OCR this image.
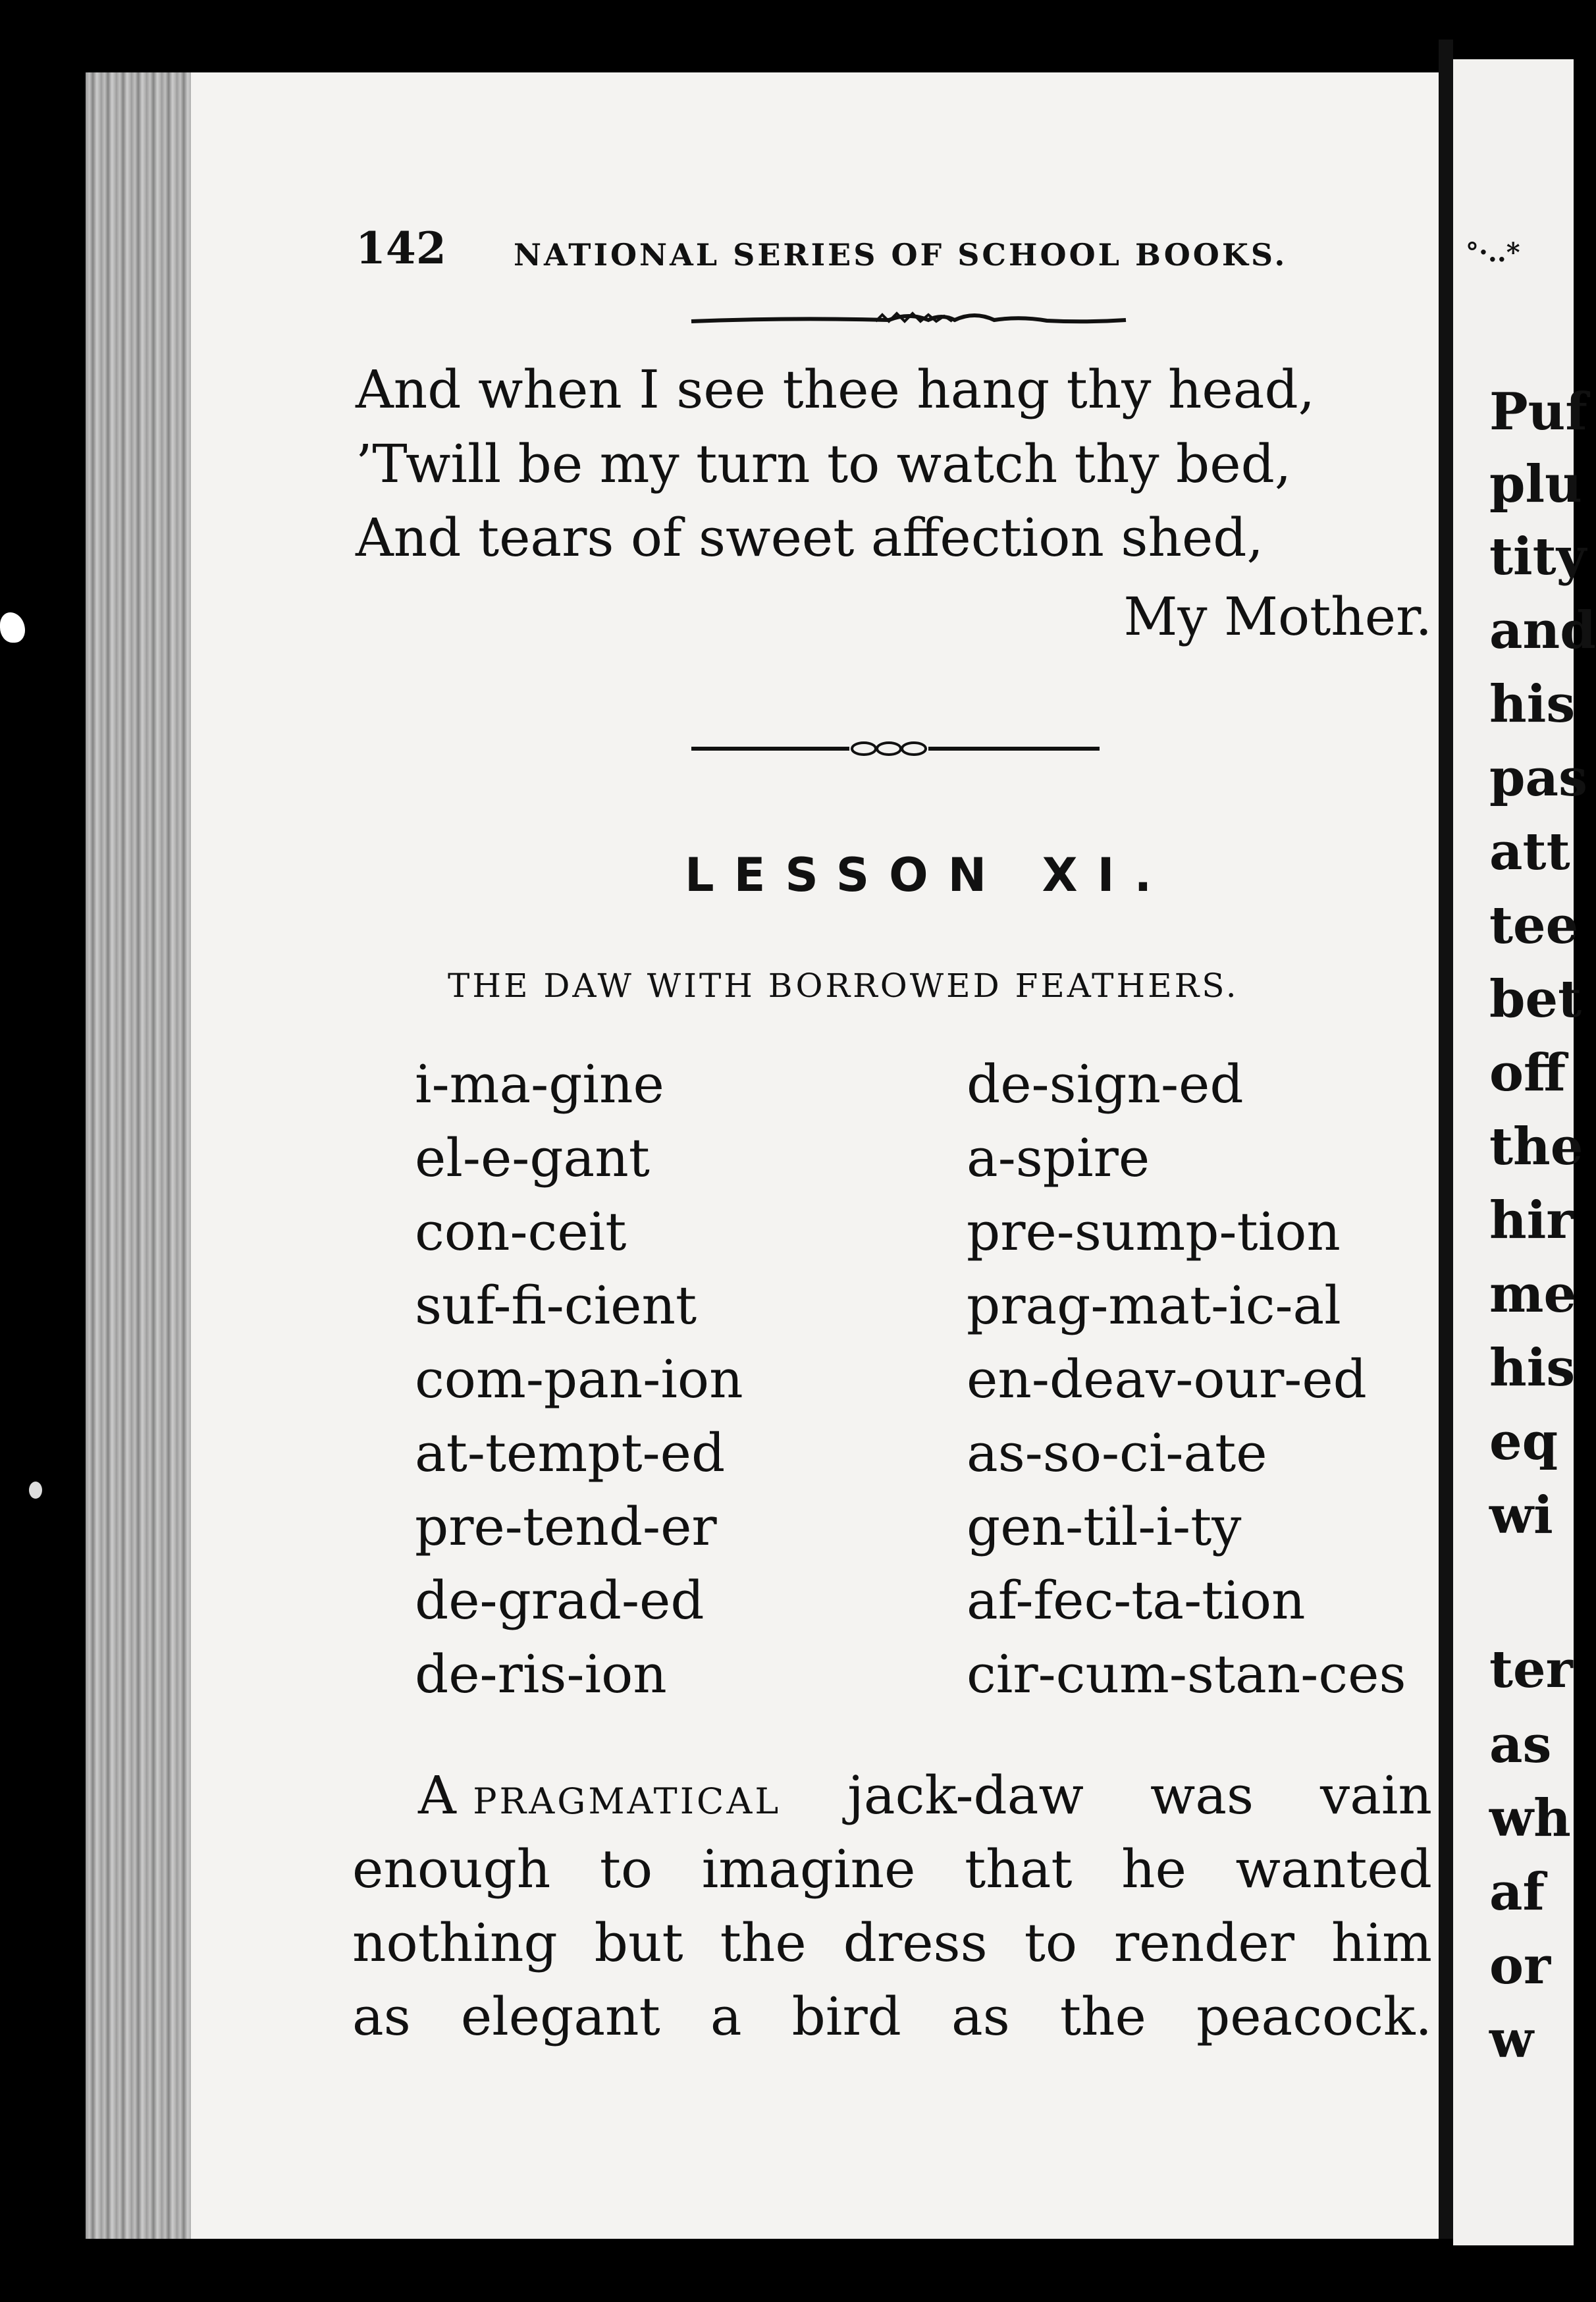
142 NATIONAL SERIES OF SCHOOL BOOKS.
And when I see thee hang thy head,
’Twill be my turn to watch thy bed,
And tears of sweet affection shed,
My Mother.
LESSON XI.
THE DAW WITH BORROWED FEATHERS.
i-ma-gine
el-e-gant
con-ceit
suf-fi-cient
com-pan-ion
at-tempt-ed
pre-tend-er
de-grad-ed
de-ris-ion
de-sign-ed
a-spire
pre-sump-tion
prag-mat-ic-al
en-deav-our-ed
as-so-ci-ate
gen-til-i-ty
af-fec-ta-tion
cir-cum-stan-ces
A PRAGMATICAL jack-daw was vain
enough to imagine that he wanted
nothing but the dress to render him
as elegant a bird as the peacock.
°·..*
Puf
plu
tity
and
his
pas
att
tee
bet
off
the
hir
me
his
eq
wi
ter
as
wh
af
or
w
